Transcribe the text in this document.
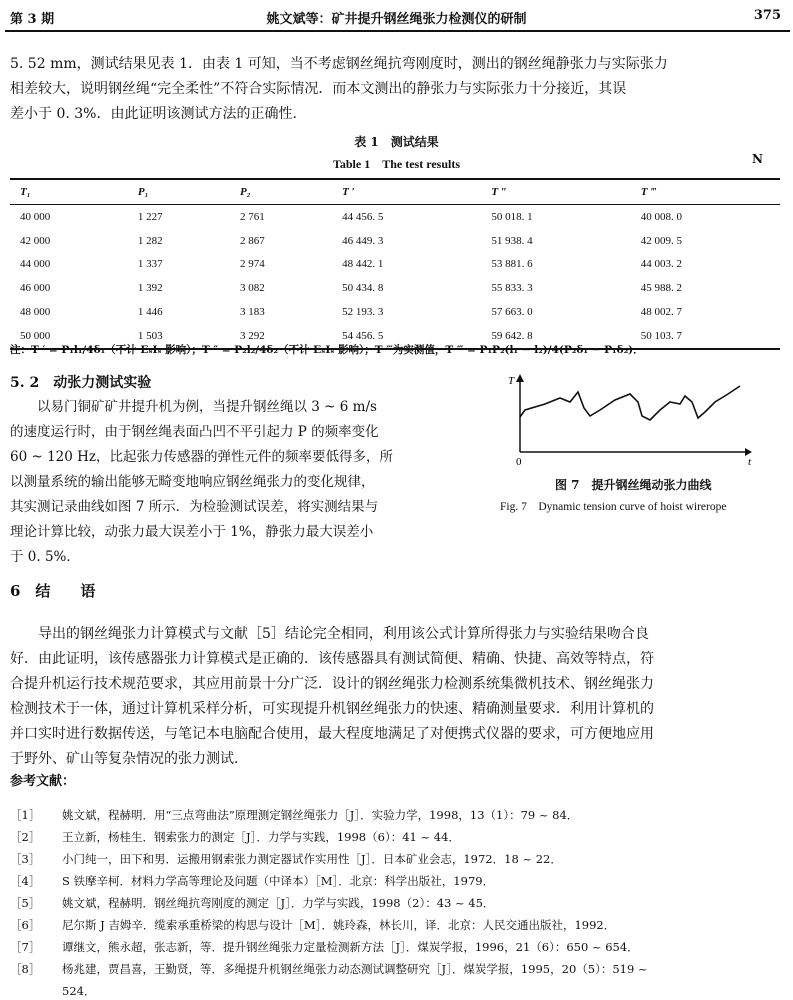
第 3 期	姚文斌等：矿井提升钢丝绳张力检测仪的研制	375
5. 52 mm，测试结果见表 1．由表 1 可知，当不考虑钢丝绳抗弯刚度时，测出的钢丝绳静张力与实际张力
相差较大，说明钢丝绳“完全柔性”不符合实际情况．而本文测出的静张力与实际张力十分接近，其误
差小于 0. 3%．由此证明该测试方法的正确性．
表 1　测试结果
Table 1　The test results	N
T₁	P₁	P₂	T ′	T ″	T ‴
40 000	1 227	2 761	44 456. 5	50 018. 1	40 008. 0
42 000	1 282	2 867	46 449. 3	51 938. 4	42 009. 5
44 000	1 337	2 974	48 442. 1	53 881. 6	44 003. 2
46 000	1 392	3 082	50 434. 8	55 833. 3	45 988. 2
48 000	1 446	3 183	52 193. 3	57 663. 0	48 002. 7
50 000	1 503	3 292	54 456. 5	59 642. 8	50 103. 7
注：T ′ = P₁l₁/4δ₁（不计 EₛIₛ 影响）；T ″ = P₂l₂/4δ₂（不计 EₛIₛ 影响）；T ‴为实测值，T ‴ = P₁P₂(l₁ − l₂)/4(P₂δ₁ − P₁δ₂)．
5. 2　动张力测试实验
　　以易门铜矿矿井提升机为例，当提升钢丝绳以 3 ~ 6 m/s
的速度运行时，由于钢丝绳表面凸凹不平引起力 P 的频率变化
60 ~ 120 Hz，比起张力传感器的弹性元件的频率要低得多，所
以测量系统的输出能够无畸变地响应钢丝绳张力的变化规律，
其实测记录曲线如图 7 所示．为检验测试误差，将实测结果与
理论计算比较，动张力最大误差小于 1%，静张力最大误差小
于 0. 5%．
T
0	t
图 7　提升钢丝绳动张力曲线
Fig. 7　Dynamic tension curve of hoist wirerope
6　结　　语
　　导出的钢丝绳张力计算模式与文献［5］结论完全相同，利用该公式计算所得张力与实验结果吻合良
好．由此证明，该传感器张力计算模式是正确的．该传感器具有测试简便、精确、快捷、高效等特点，符
合提升机运行技术规范要求，其应用前景十分广泛．设计的钢丝绳张力检测系统集微机技术、钢丝绳张力
检测技术于一体，通过计算机采样分析，可实现提升机钢丝绳张力的快速、精确测量要求．利用计算机的
并口实时进行数据传送，与笔记本电脑配合使用，最大程度地满足了对便携式仪器的要求，可方便地应用
于野外、矿山等复杂情况的张力测试．
参考文献：
［1］ 姚文斌，程赫明．用“三点弯曲法”原理测定钢丝绳张力［J］．实验力学，1998，13（1）：79 ~ 84．
［2］ 王立新，杨桂生．钢索张力的测定［J］．力学与实践，1998（6）：41 ~ 44．
［3］ 小门纯一，田下和男．运搬用钢索张力测定器试作实用性［J］．日本矿业会志，1972．18 ~ 22．
［4］ S 铁摩辛柯．材料力学高等理论及问题（中译本）［M］．北京：科学出版社，1979．
［5］ 姚文斌，程赫明．钢丝绳抗弯刚度的测定［J］．力学与实践，1998（2）：43 ~ 45．
［6］ 尼尔斯 J 吉姆辛．缆索承重桥梁的构思与设计［M］．姚玲森，林长川，译．北京：人民交通出版社，1992．
［7］ 谭继文，熊永超，张志新，等．提升钢丝绳张力定量检测新方法［J］．煤炭学报，1996，21（6）：650 ~ 654．
［8］ 杨兆建，贾昌喜，王勤贤，等．多绳提升机钢丝绳张力动态测试调整研究［J］．煤炭学报，1995，20（5）：519 ~
524．
